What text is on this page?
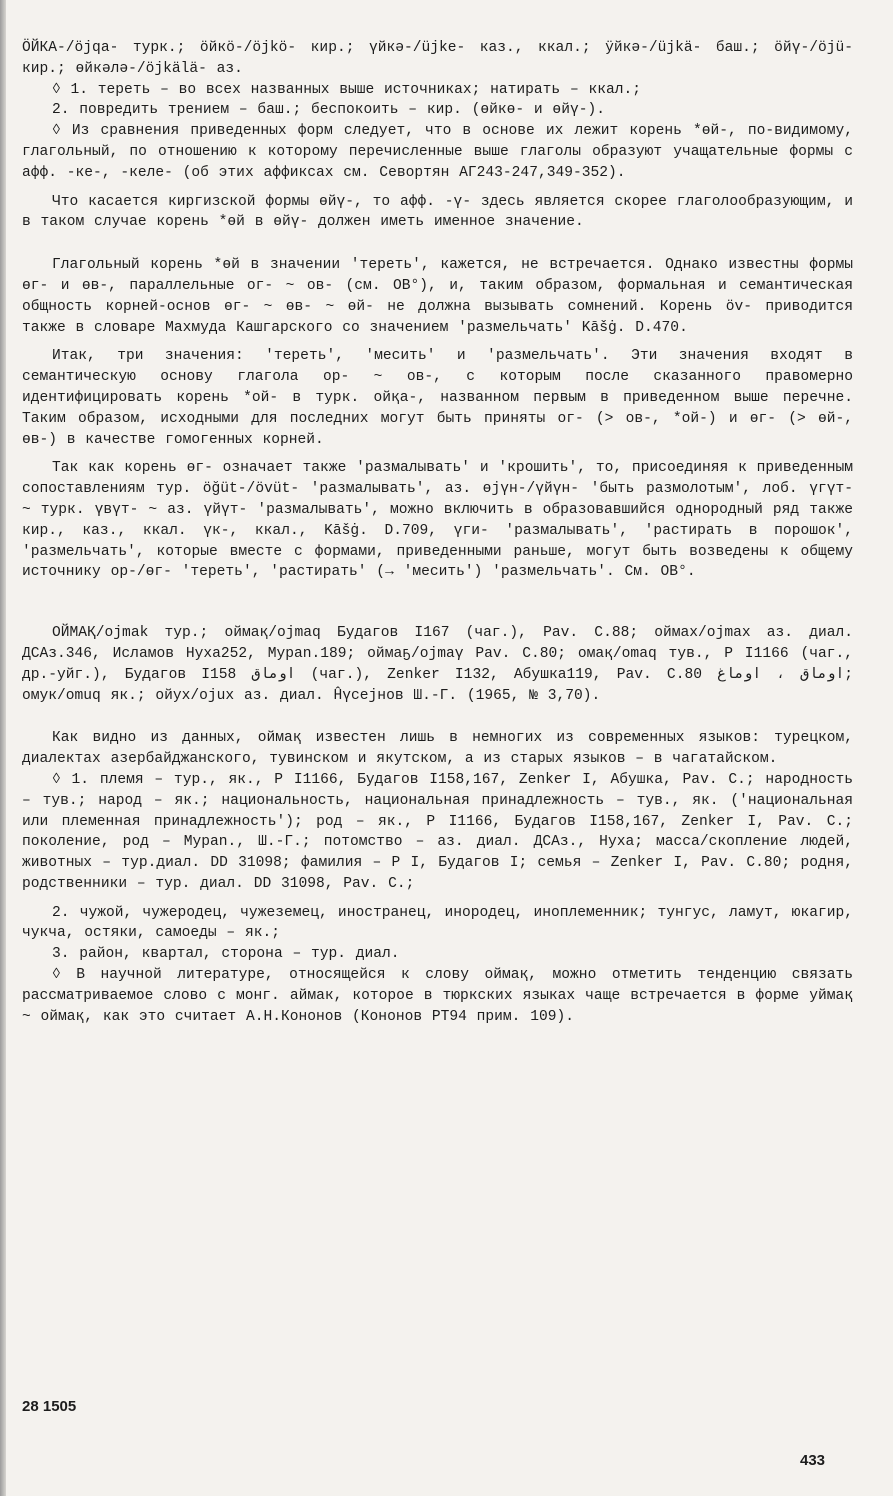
ӦЙКА-/öjqa- турк.; ӧйкӧ-/öjkö- кир.; үйкә-/üjke- каз., ккал.; ÿйкә-/üjkä- баш.; ӧйү-/öjü- кир.; өйкәлә-/öjkälä- аз.

◊ 1. тереть – во всех названных выше источниках; натирать – ккал.;

2. повредить трением – баш.; беспокоить – кир. (өйкө- и өйү-).

◊ Из сравнения приведенных форм следует, что в основе их лежит корень *өй-, по-видимому, глагольный, по отношению к которому перечисленные выше глаголы образуют учащательные формы с афф. -ке-, -келе- (об этих аффиксах см. Севортян АГ243-247,349-352).

Что касается киргизской формы өйү-, то афф. -ү- здесь является скорее глаголообразующим, и в таком случае корень *өй в өйү- должен иметь именное значение.

Глагольный корень *өй в значении 'тереть', кажется, не встречается. Однако известны формы өг- и өв-, параллельные ог- ~ ов- (см. ОВ°), и, таким образом, формальная и семантическая общность корней-основ өг- ~ өв- ~ өй- не должна вызывать сомнений. Корень öv- приводится также в словаре Махмуда Кашгарского со значением 'размельчать' Kāšġ. D.470.

Итак, три значения: 'тереть', 'месить' и 'размельчать'. Эти значения входят в семантическую основу глагола ор- ~ ов-, с которым после сказанного правомерно идентифицировать корень *ой- в турк. ойқа-, названном первым в приведенном выше перечне. Таким образом, исходными для последних могут быть приняты ог- (> ов-, *ой-) и өг- (> өй-, өв-) в качестве гомогенных корней.

Так как корень өг- означает также 'размалывать' и 'крошить', то, присоединяя к приведенным сопоставлениям тур. öğüt-/övüt- 'размалывать', аз. өјүн-/үйүн- 'быть размолотым', лоб. үгүт- ~ турк. үвүт- ~ аз. үйүт- 'размалывать', можно включить в образовавшийся однородный ряд также кир., каз., ккал. үк-, ккал., Kāšġ. D.709, үги- 'размалывать', 'растирать в порошок', 'размельчать', которые вместе с формами, приведенными раньше, могут быть возведены к общему источнику ор-/өг- 'тереть', 'растирать' (→ 'месить') 'размельчать'. См. ОВ°.

ОЙМАҚ/ojmak тур.; оймақ/ojmaq Будагов I167 (чаг.), Pav. C.88; оймах/ojmax аз. диал. ДСАз.346, Исламов Нуха252, Мураn.189; оймаҕ/ojmaγ Pav. C.80; омақ/omaq тув., P I1166 (чаг., др.-уйг.), Будагов I158 اوماق (чаг.), Zenker I132, Абушка119, Pav. C.80 اوماق ، اوماغ; омук/omuq як.; ойух/ojux аз. диал. Ĥүсеjнов Ш.-Г. (1965, № 3,70).

Как видно из данных, оймақ известен лишь в немногих из современных языков: турецком, диалектах азербайджанского, тувинском и якутском, а из старых языков – в чагатайском.

◊ 1. племя – тур., як., P I1166, Будагов I158,167, Zenker I, Абушка, Pav. C.; народность – тув.; народ – як.; национальность, национальная принадлежность – тув., як. ('национальная или племенная принадлежность'); род – як., P I1166, Будагов I158,167, Zenker I, Pav. C.; поколение, род – Мураn., Ш.-Г.; потомство – аз. диал. ДСАз., Нуха; масса/скопление людей, животных – тур.диал. DD 31098; фамилия – P I, Будагов I; семья – Zenker I, Pav. C.80; родня, родственники – тур. диал. DD 31098, Pav. C.;

2. чужой, чужеродец, чужеземец, иностранец, инородец, иноплеменник; тунгус, ламут, юкагир, чукча, остяки, самоеды – як.;

3. район, квартал, сторона – тур. диал.

◊ В научной литературе, относящейся к слову оймақ, можно отметить тенденцию связать рассматриваемое слово с монг. аймак, которое в тюркских языках чаще встречается в форме уймақ ~ оймақ, как это считает А.Н.Кононов (Кононов РТ94 прим. 109).

28 1505
433
